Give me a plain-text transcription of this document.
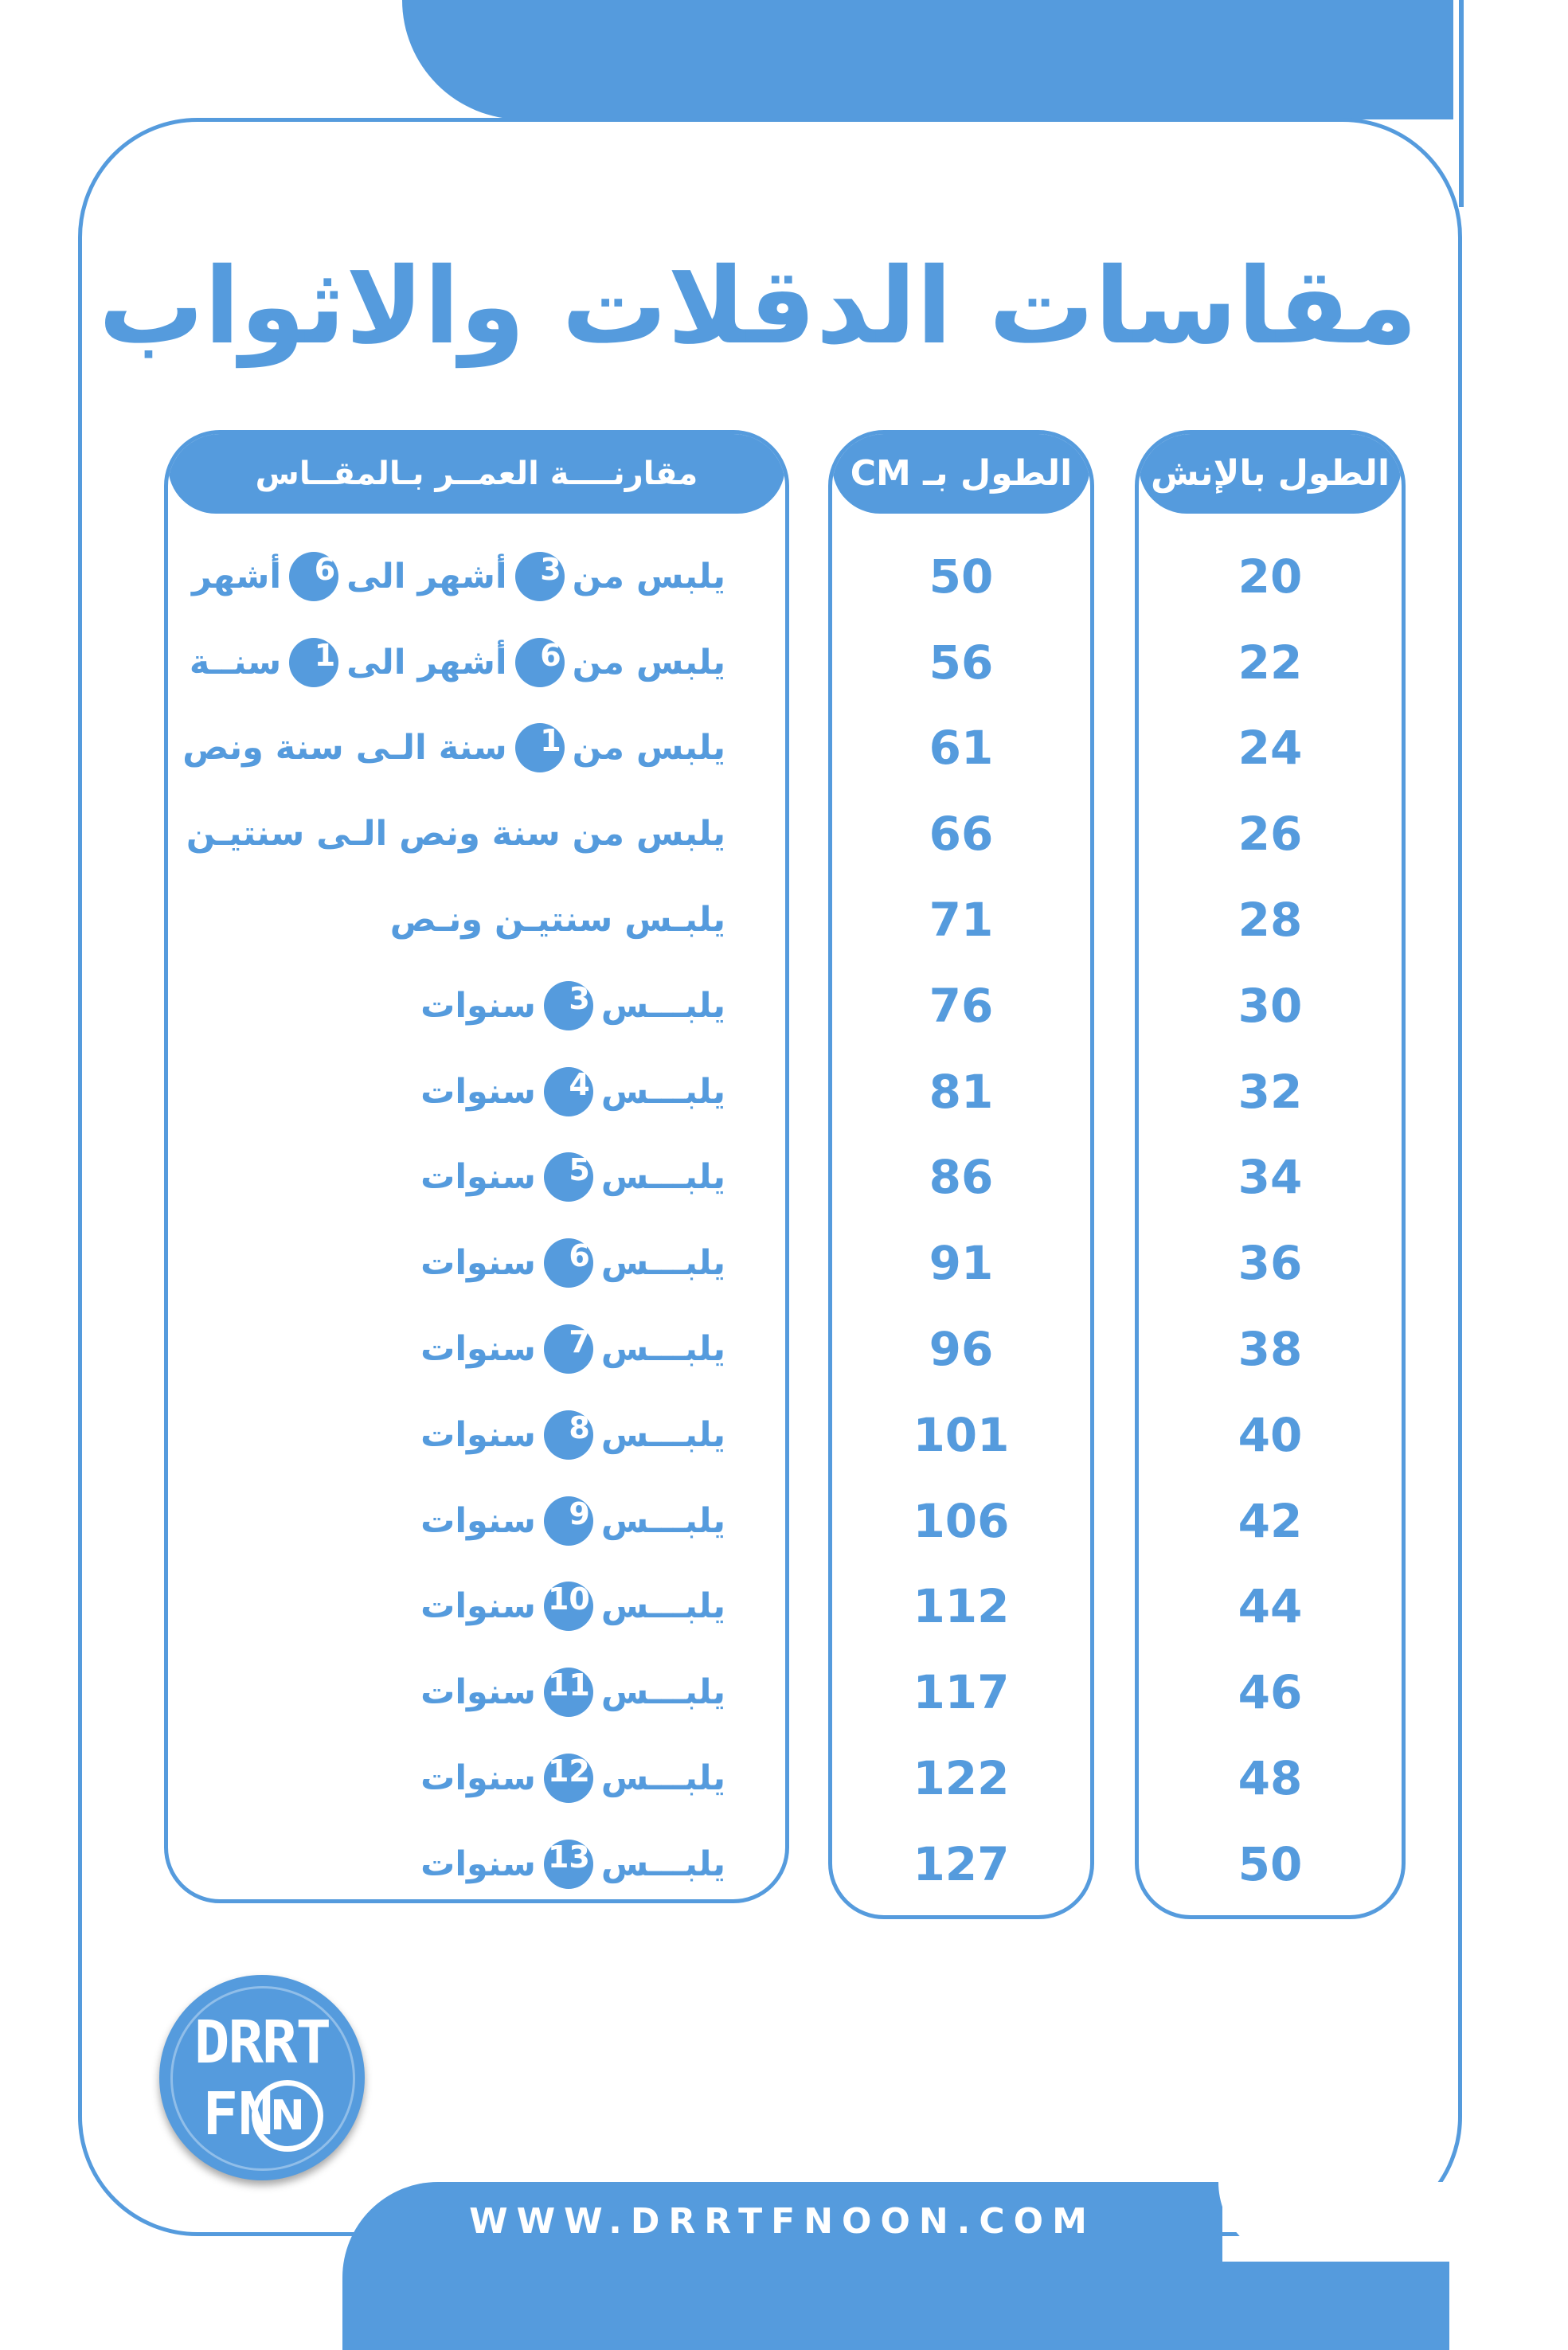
مقاسات الدقلات والاثواب
الطول بالإنش
20
22
24
26
28
30
32
34
36
38
40
42
44
46
48
50
الطول بـ CM
50
56
61
66
71
76
81
86
91
96
101
106
112
117
122
127
مقارنــــة العمــر بـالمقــاس
يلبس من
3
أشهر الى
6
أشهر
يلبس من
6
أشهر الى
1
سنــة
يلبس من
1
سنة الـى سنة ونص
يلبس من سنة ونص الـى سنتيـن
يلبـس سنتيـن ونـص
يلبـــس
3
سنوات
يلبـــس
4
سنوات
يلبـــس
5
سنوات
يلبـــس
6
سنوات
يلبـــس
7
سنوات
يلبـــس
8
سنوات
يلبـــس
9
سنوات
يلبـــس
10
سنوات
يلبـــس
11
سنوات
يلبـــس
12
سنوات
يلبـــس
13
سنوات
DRRT
FN
N
WWW.DRRTFNOON.COM
